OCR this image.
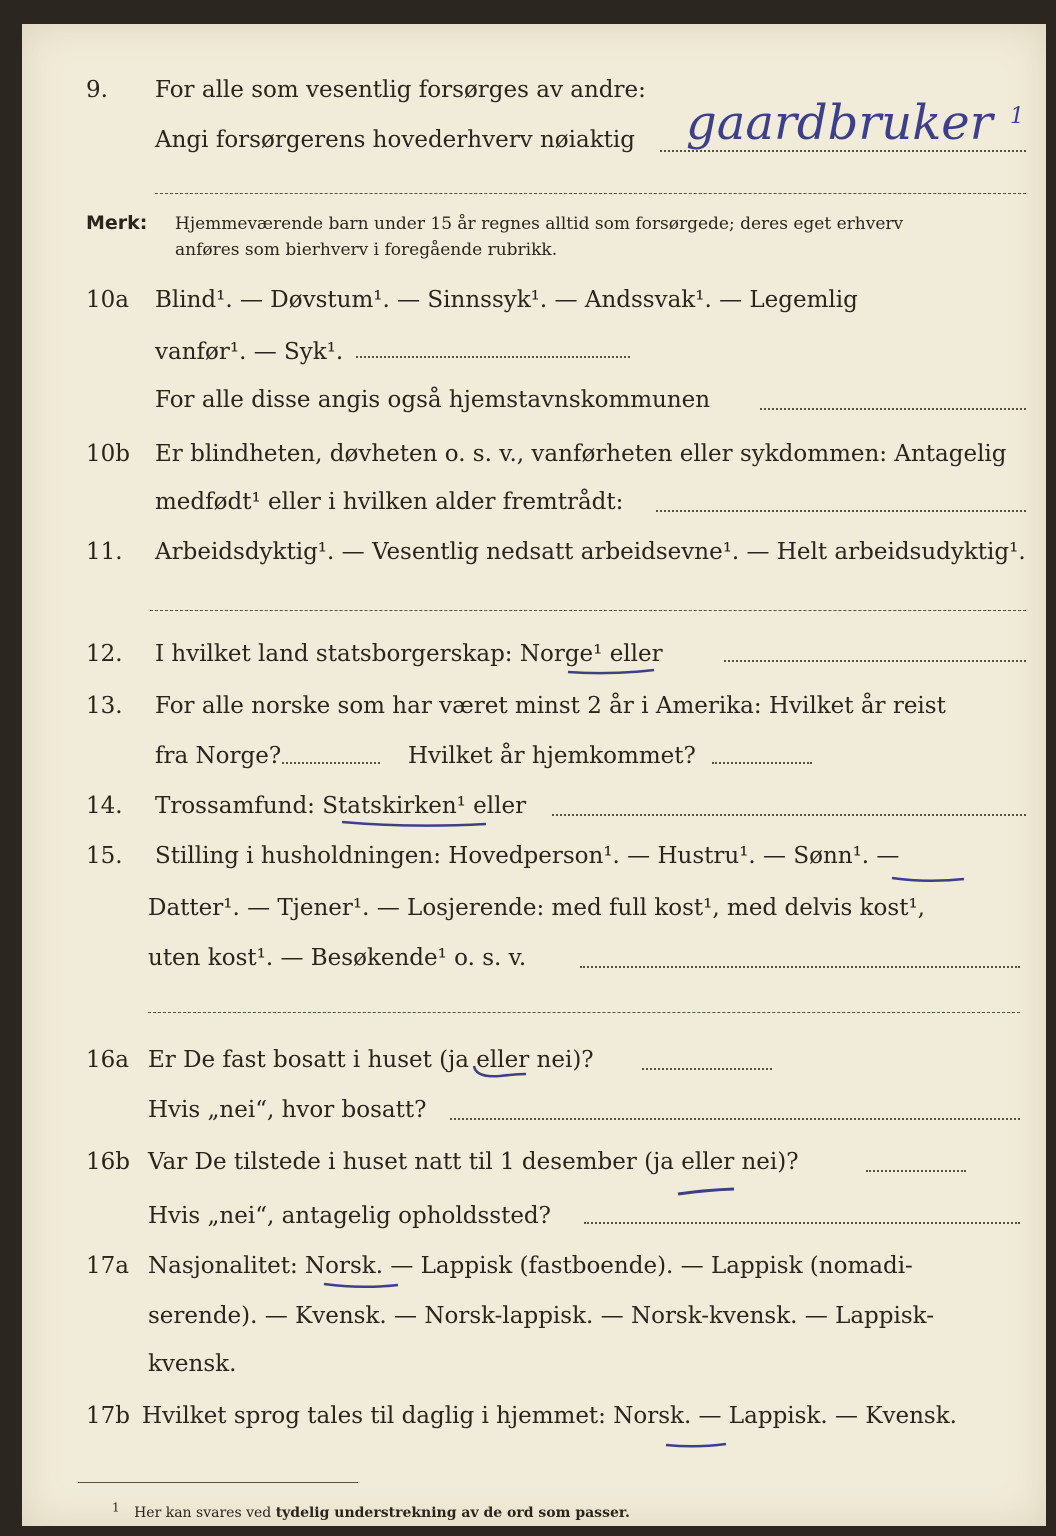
9. For alle som vesentlig forsørges av andre:
Angi forsørgerens hovederhverv nøiaktig gaardbruker 1
Merk: Hjemmeværende barn under 15 år regnes alltid som forsørgede; deres eget erhverv
anføres som bierhverv i foregående rubrikk.
10a Blind¹. — Døvstum¹. — Sinnssyk¹. — Andssvak¹. — Legemlig
vanfør¹. — Syk¹.
For alle disse angis også hjemstavnskommunen
10b Er blindheten, døvheten o. s. v., vanførheten eller sykdommen: Antagelig
medfødt¹ eller i hvilken alder fremtrådt:
11. Arbeidsdyktig¹. — Vesentlig nedsatt arbeidsevne¹. — Helt arbeidsudyktig¹.
12. I hvilket land statsborgerskap: Norge¹ eller
13. For alle norske som har været minst 2 år i Amerika: Hvilket år reist
fra Norge?	Hvilket år hjemkommet?
14. Trossamfund: Statskirken¹ eller
15. Stilling i husholdningen: Hovedperson¹. — Hustru¹. — Sønn¹. —
Datter¹. — Tjener¹. — Losjerende: med full kost¹, med delvis kost¹,
uten kost¹. — Besøkende¹ o. s. v.
16a Er De fast bosatt i huset (ja eller nei)?
Hvis „nei“, hvor bosatt?
16b Var De tilstede i huset natt til 1 desember (ja eller nei)?
Hvis „nei“, antagelig opholdssted?
17a Nasjonalitet: Norsk. — Lappisk (fastboende). — Lappisk (nomadi-
serende). — Kvensk. — Norsk-lappisk. — Norsk-kvensk. — Lappisk-
kvensk.
17b Hvilket sprog tales til daglig i hjemmet: Norsk. — Lappisk. — Kvensk.
$^1$ Her kan svares ved tydelig understrekning av de ord som passer.
